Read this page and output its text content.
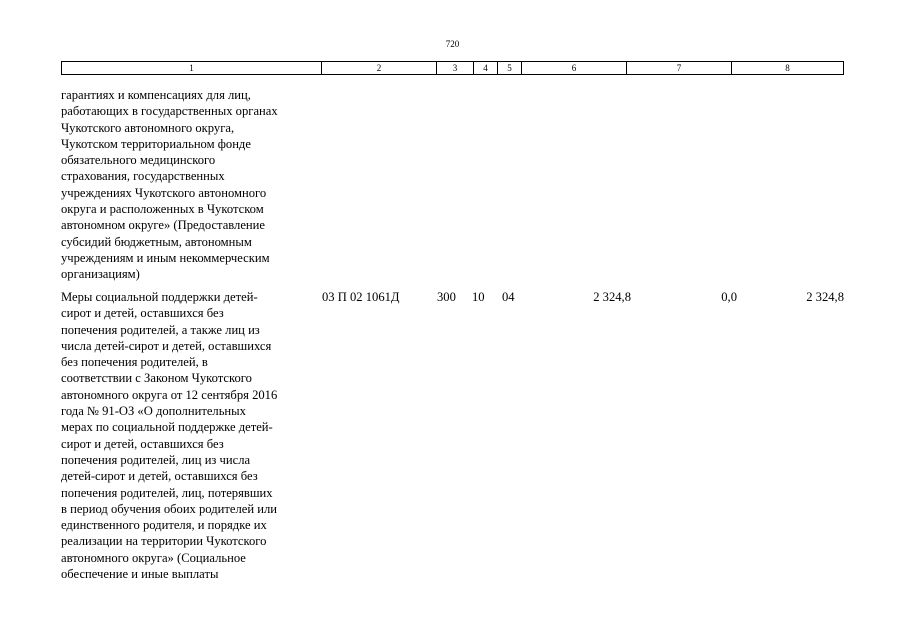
720
1	2	3	4	5	6	7	8
гарантиях и компенсациях для лиц,
работающих в государственных органах
Чукотского автономного округа,
Чукотском территориальном фонде
обязательного медицинского
страхования, государственных
учреждениях Чукотского автономного
округа и расположенных в Чукотском
автономном округе» (Предоставление
субсидий бюджетным, автономным
учреждениям и иным некоммерческим
организациям)
Меры социальной поддержки детей-
сирот и детей, оставшихся без
попечения родителей, а также лиц из
числа детей-сирот и детей, оставшихся
без попечения родителей, в
соответствии с Законом Чукотского
автономного округа от 12 сентября 2016
года № 91-ОЗ «О дополнительных
мерах по социальной поддержке детей-
сирот и детей, оставшихся без
попечения родителей, лиц из числа
детей-сирот и детей, оставшихся без
попечения родителей, лиц, потерявших
в период обучения обоих родителей или
единственного родителя, и порядке их
реализации на территории Чукотского
автономного округа» (Социальное
обеспечение и иные выплаты
03 П 02 1061Д	300 10 04	2 324,8	0,0	2 324,8
